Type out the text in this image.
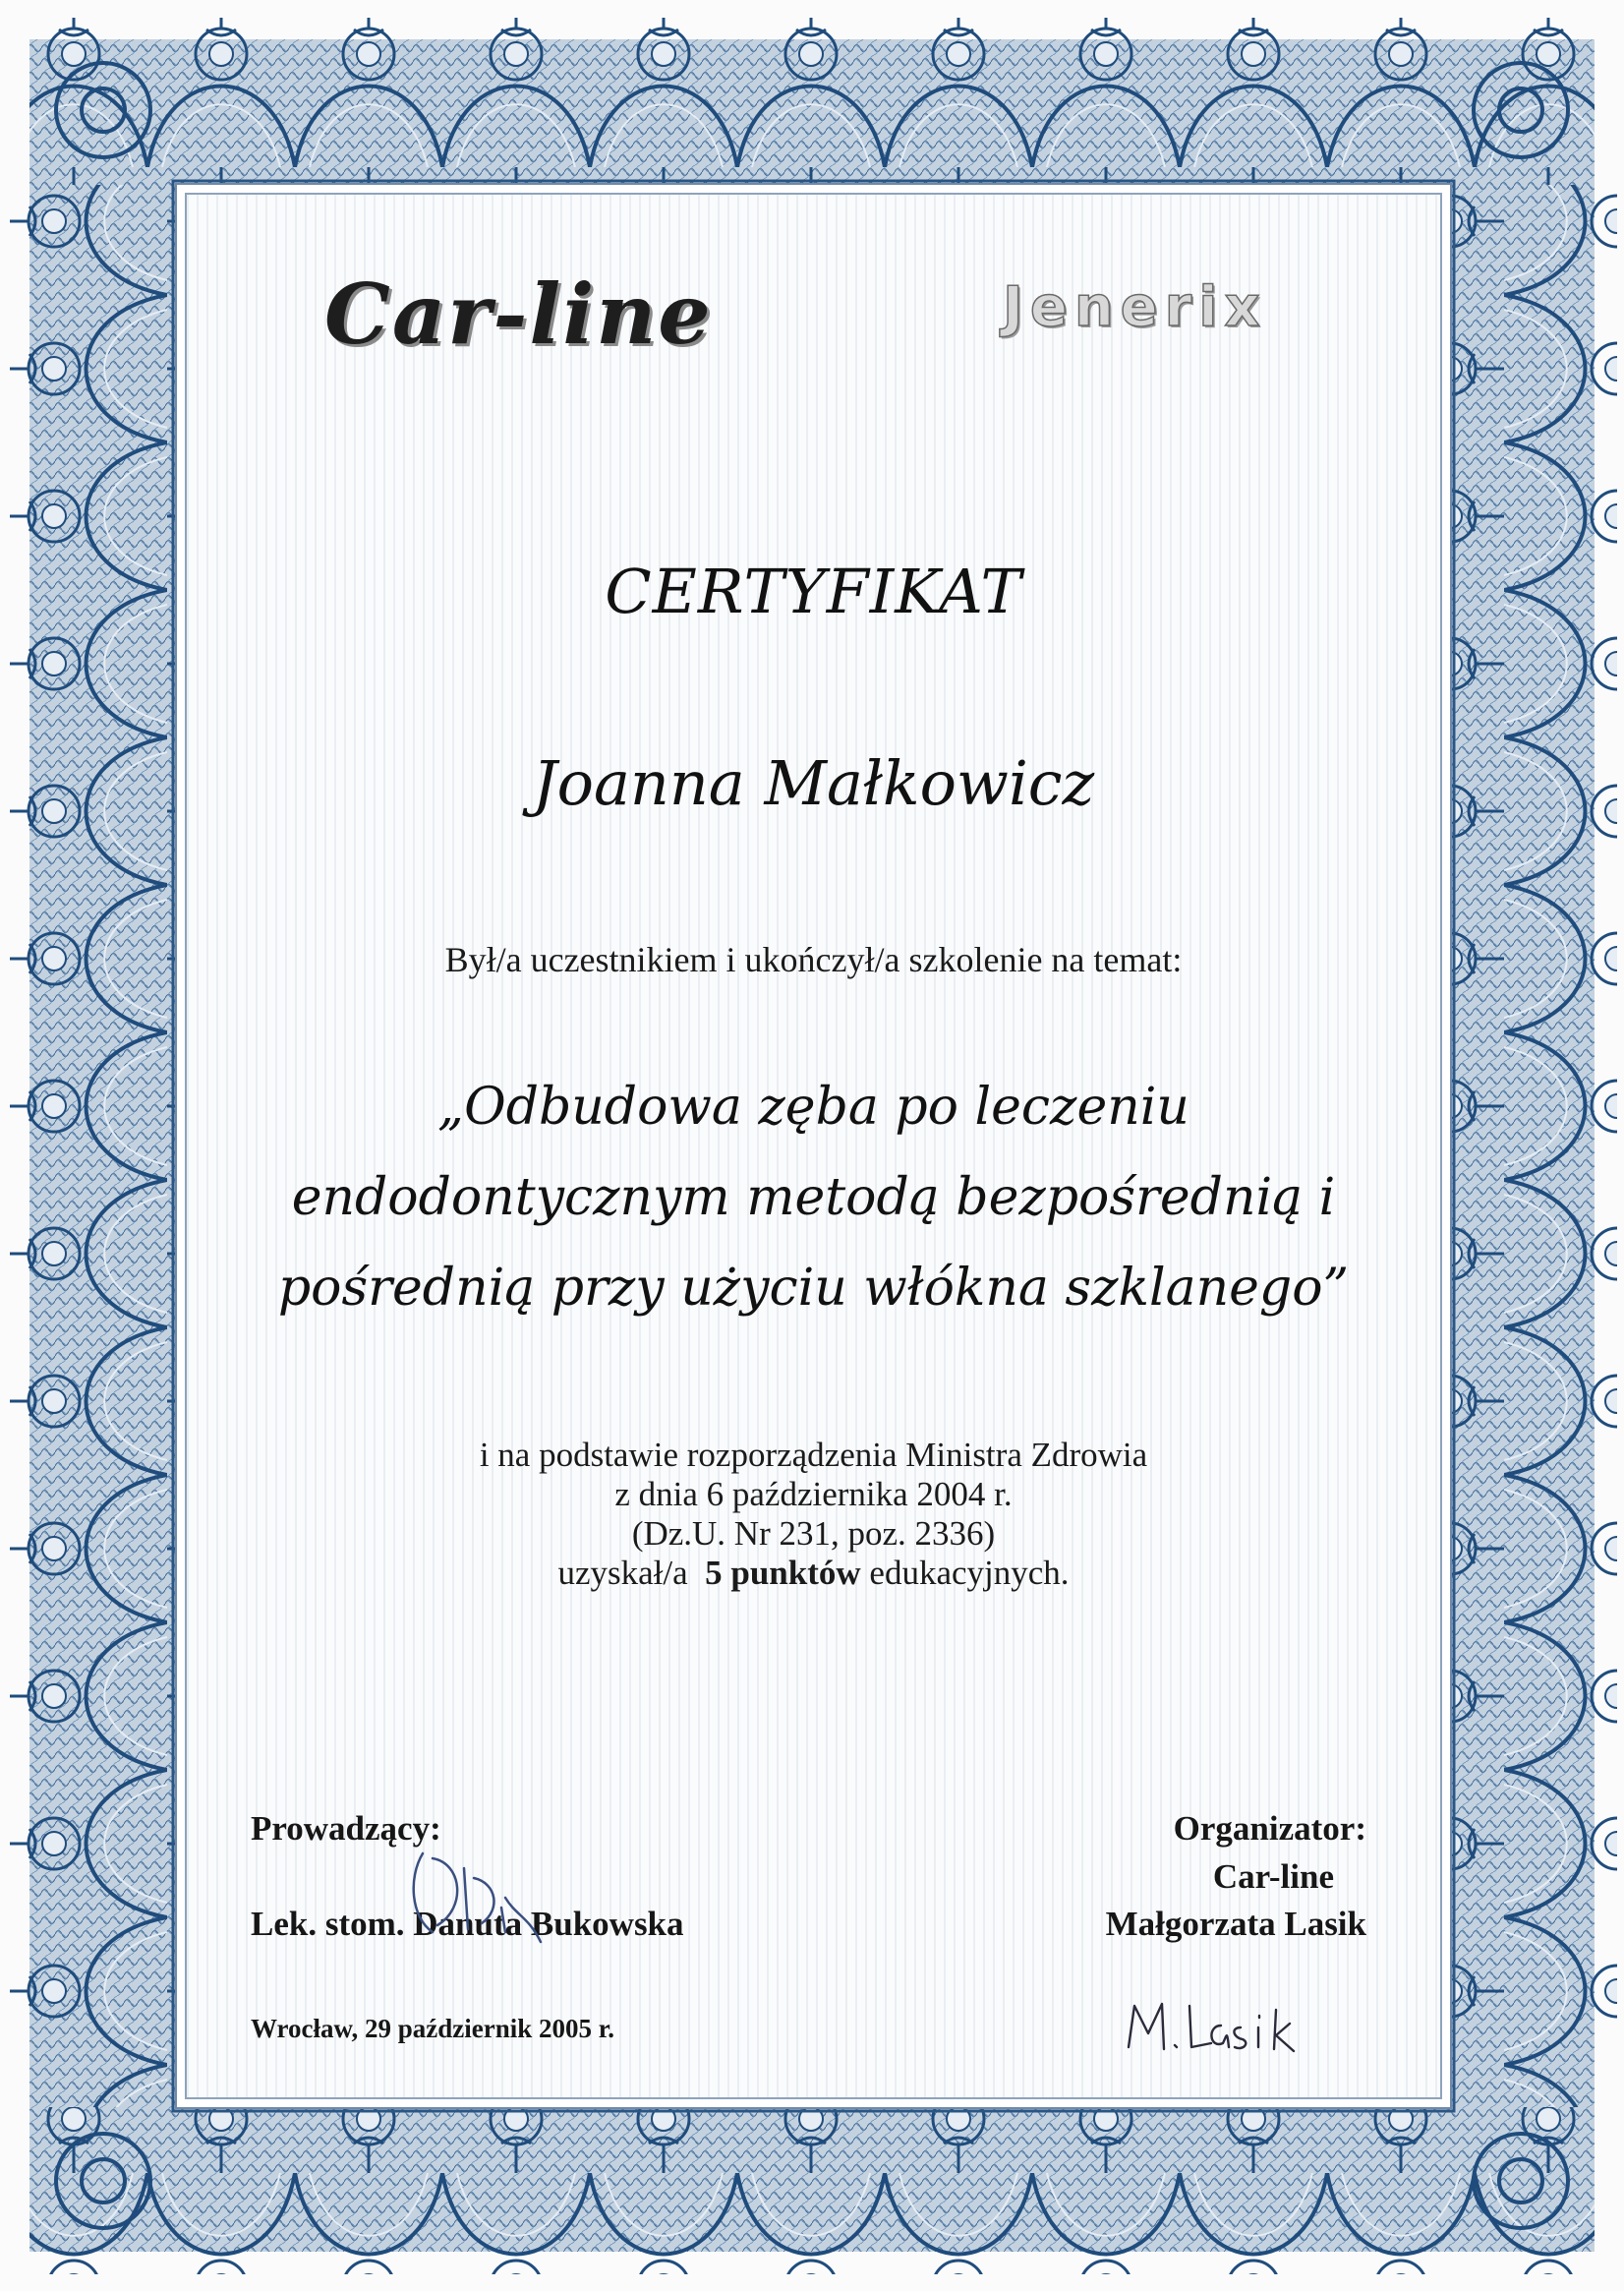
Car-line	Jenerix
CERTYFIKAT
Joanna Małkowicz
Był/a uczestnikiem i ukończył/a szkolenie na temat:
„Odbudowa zęba po leczeniu
endodontycznym metodą bezpośrednią i
pośrednią przy użyciu włókna szklanego”
i na podstawie rozporządzenia Ministra Zdrowia
z dnia 6 października 2004 r.
(Dz.U. Nr 231, poz. 2336)
uzyskał/a 5 punktów edukacyjnych.
Prowadzący:
Lek. stom. Danuta Bukowska
Organizator:
Car-line
Małgorzata Lasik
Wrocław, 29 październik 2005 r.
